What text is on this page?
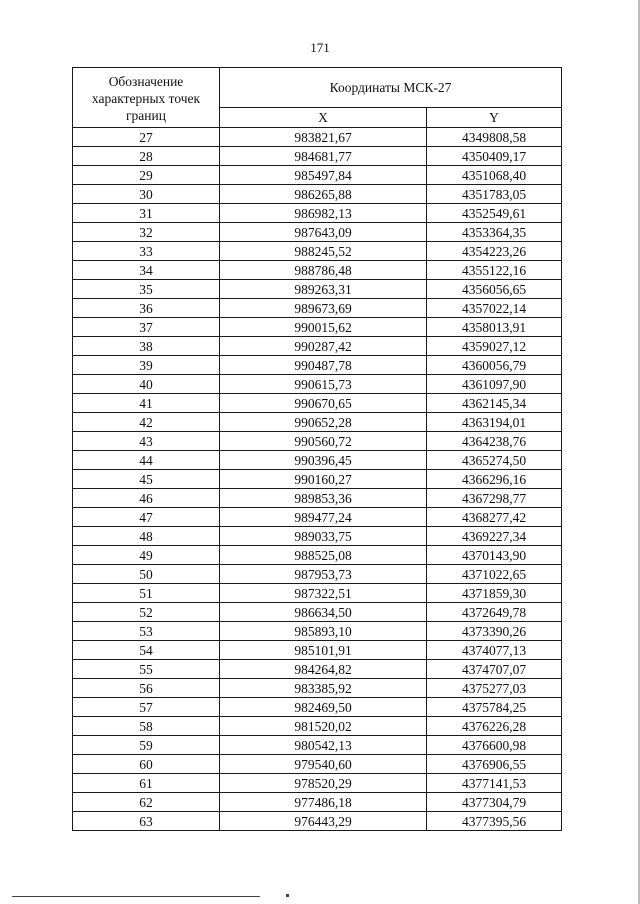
171
Обозначение характерных точек границ	Координаты МСК-27	
	X	Y
27	983821,67	4349808,58
28	984681,77	4350409,17
29	985497,84	4351068,40
30	986265,88	4351783,05
31	986982,13	4352549,61
32	987643,09	4353364,35
33	988245,52	4354223,26
34	988786,48	4355122,16
35	989263,31	4356056,65
36	989673,69	4357022,14
37	990015,62	4358013,91
38	990287,42	4359027,12
39	990487,78	4360056,79
40	990615,73	4361097,90
41	990670,65	4362145,34
42	990652,28	4363194,01
43	990560,72	4364238,76
44	990396,45	4365274,50
45	990160,27	4366296,16
46	989853,36	4367298,77
47	989477,24	4368277,42
48	989033,75	4369227,34
49	988525,08	4370143,90
50	987953,73	4371022,65
51	987322,51	4371859,30
52	986634,50	4372649,78
53	985893,10	4373390,26
54	985101,91	4374077,13
55	984264,82	4374707,07
56	983385,92	4375277,03
57	982469,50	4375784,25
58	981520,02	4376226,28
59	980542,13	4376600,98
60	979540,60	4376906,55
61	978520,29	4377141,53
62	977486,18	4377304,79
63	976443,29	4377395,56
